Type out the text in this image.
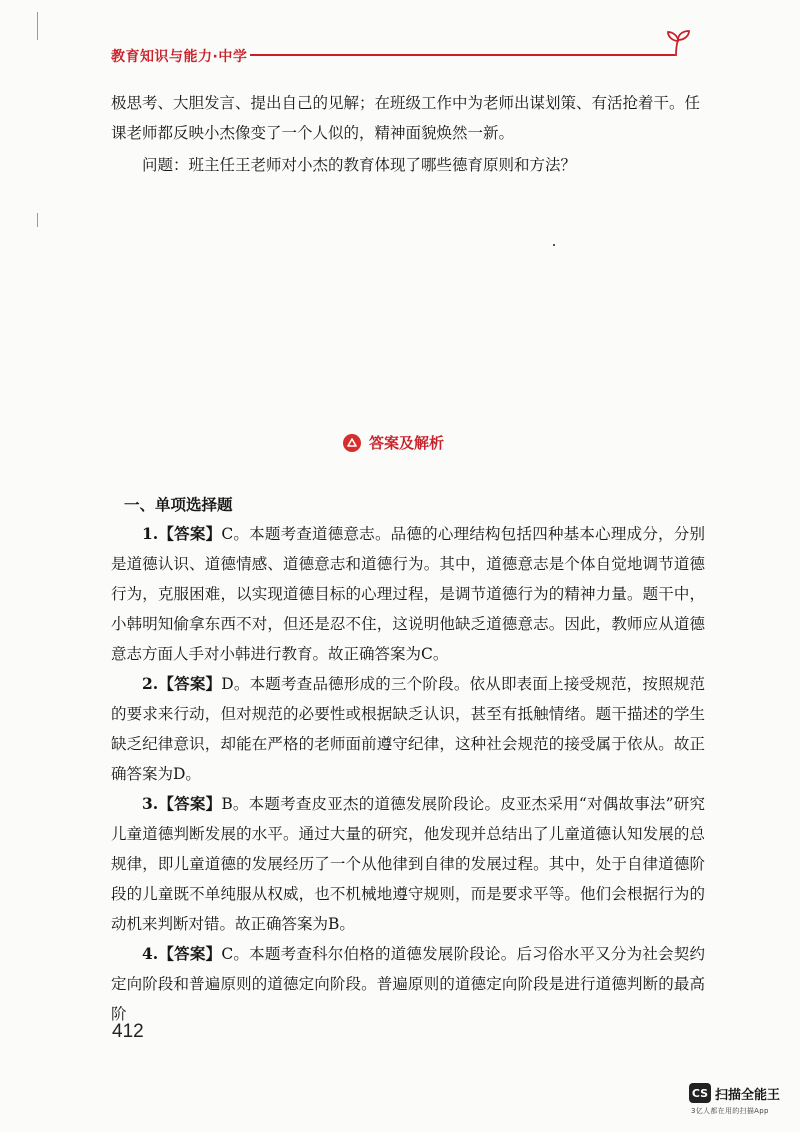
教育知识与能力·中学

极思考、大胆发言、提出自己的见解；在班级工作中为老师出谋划策、有活抢着干。任

课老师都反映小杰像变了一个人似的，精神面貌焕然一新。

问题：班主任王老师对小杰的教育体现了哪些德育原则和方法？

答案及解析

一、单项选择题

1.【答案】C。本题考查道德意志。品德的心理结构包括四种基本心理成分，分别是道德认识、道德情感、道德意志和道德行为。其中，道德意志是个体自觉地调节道德行为，克服困难，以实现道德目标的心理过程，是调节道德行为的精神力量。题干中，小韩明知偷拿东西不对，但还是忍不住，这说明他缺乏道德意志。因此，教师应从道德意志方面人手对小韩进行教育。故正确答案为C。

2.【答案】D。本题考查品德形成的三个阶段。依从即表面上接受规范，按照规范的要求来行动，但对规范的必要性或根据缺乏认识，甚至有抵触情绪。题干描述的学生缺乏纪律意识，却能在严格的老师面前遵守纪律，这种社会规范的接受属于依从。故正确答案为D。

3.【答案】B。本题考查皮亚杰的道德发展阶段论。皮亚杰采用“对偶故事法”研究儿童道德判断发展的水平。通过大量的研究，他发现并总结出了儿童道德认知发展的总规律，即儿童道德的发展经历了一个从他律到自律的发展过程。其中，处于自律道德阶段的儿童既不单纯服从权威，也不机械地遵守规则，而是要求平等。他们会根据行为的动机来判断对错。故正确答案为B。

4.【答案】C。本题考查科尔伯格的道德发展阶段论。后习俗水平又分为社会契约定向阶段和普遍原则的道德定向阶段。普遍原则的道德定向阶段是进行道德判断的最高阶

412
CS 扫描全能王
3亿人都在用的扫描App
